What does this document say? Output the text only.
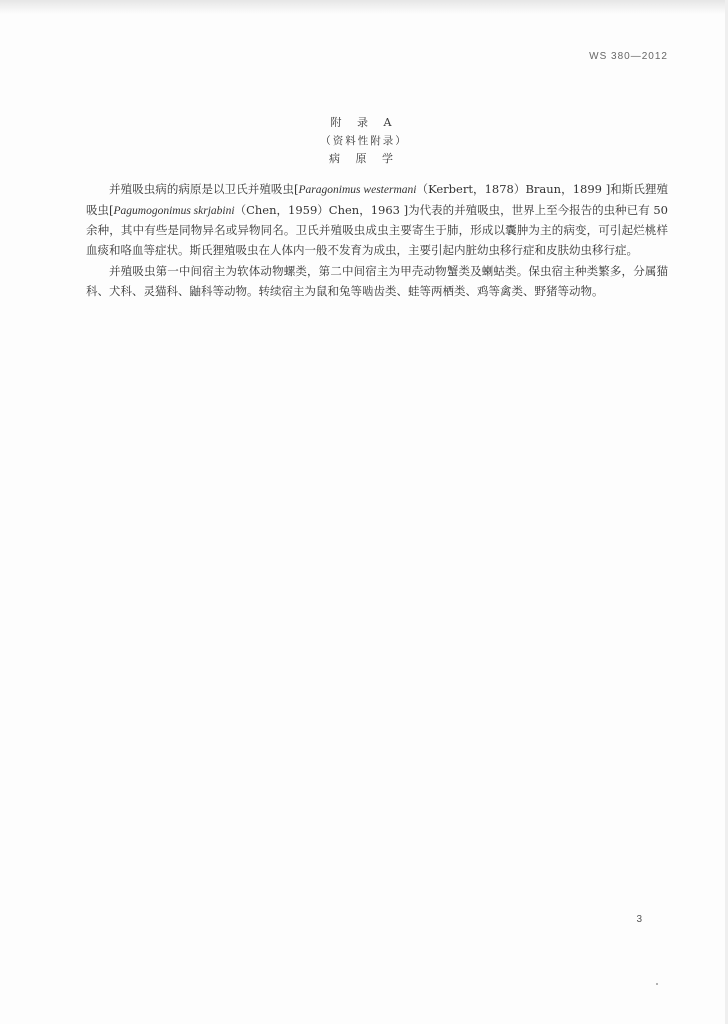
WS 380—2012
附 录 A
（资料性附录）
病 原 学

并殖吸虫病的病原是以卫氏并殖吸虫[Paragonimus westermani（Kerbert，1878）Braun，1899 ]和斯氏狸殖吸虫[Pagumogonimus skrjabini（Chen，1959）Chen，1963 ]为代表的并殖吸虫，世界上至今报告的虫种已有 50 余种，其中有些是同物异名或异物同名。卫氏并殖吸虫成虫主要寄生于肺，形成以囊肿为主的病变，可引起烂桃样血痰和咯血等症状。斯氏狸殖吸虫在人体内一般不发育为成虫，主要引起内脏幼虫移行症和皮肤幼虫移行症。

并殖吸虫第一中间宿主为软体动物螺类，第二中间宿主为甲壳动物蟹类及蝲蛄类。保虫宿主种类繁多，分属猫科、犬科、灵猫科、鼬科等动物。转续宿主为鼠和兔等啮齿类、蛙等两栖类、鸡等禽类、野猪等动物。

3
